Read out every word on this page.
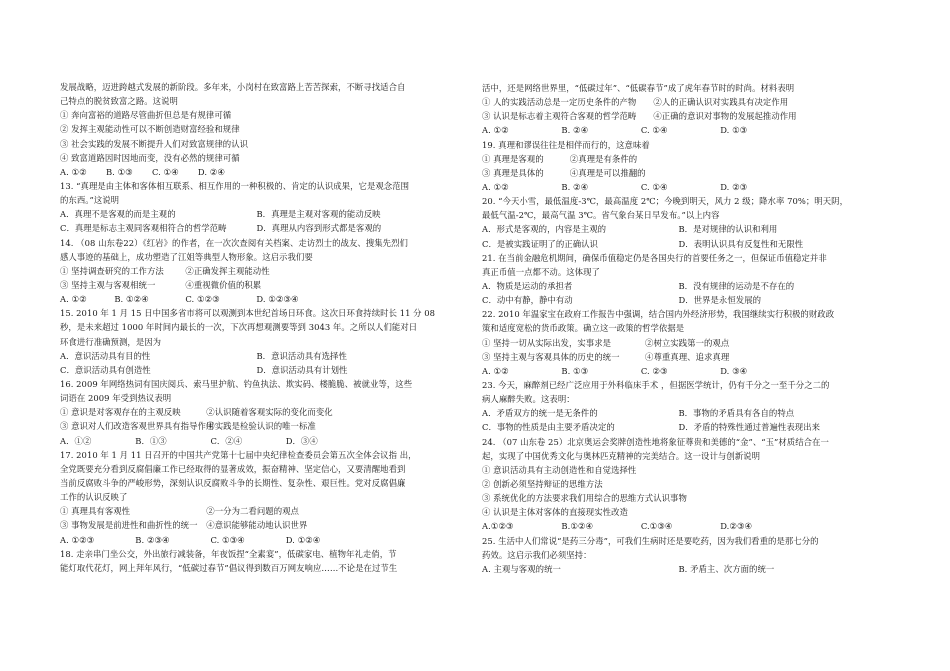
发展战略，迈进跨越式发展的新阶段。多年来，小岗村在致富路上苦苦探索，不断寻找适合自
己特点的脱贫致富之路。这说明
① 奔向富裕的道路尽管曲折但总是有规律可循
② 发挥主观能动性可以不断创造财富经验和规律
③ 社会实践的发展不断提升人们对致富规律的认识
④ 致富道路因时因地而变，没有必然的规律可循
A. ①②	B. ①③	C. ①④	D. ②④
13. “真理是由主体和客体相互联系、相互作用的一种积极的、肯定的认识成果，它是观念范围
的东西。”这说明
A．真理不是客观的而是主观的	B．真理是主观对客观的能动反映
C．真理是标志主观同客观相符合的哲学范畴	D．真理从内容到形式都是客观的
14. （08 山东卷22）《红岩》的作者，在一次次查阅有关档案、走访烈士的战友、搜集先烈们
感人事迹的基础上，成功塑造了江姐等典型人物形象。这启示我们要
① 坚持调查研究的工作方法	②正确发挥主观能动性
③ 坚持主观与客观相统一	④重视微价值的积累
A. ①②	B. ①②④	C. ①②③	D. ①②③④
15. 2010 年 1 月 15 日中国多省市将可以观测到本世纪首场日环食。这次日环食持续时长 11 分 08
秒，是未来超过 1000 年时间内最长的一次，下次再想观测要等到 3043 年。之所以人们能对日
环食进行准确预测，是因为
A．意识活动具有目的性	B．意识活动具有选择性
C．意识活动具有创造性	D．意识活动具有计划性
16. 2009 年网络热词有国庆阅兵、索马里护航、钓鱼执法、欺实码、楼脆脆、被就业等，这些
词语在 2009 年受到热议表明
① 意识是对客观存在的主观反映	②认识随着客观实际的变化而变化
③ 意识对人们改造客观世界具有指导作用
④实践是检验认识的唯一标准
A．①②	B．①③	C．②④	D．③④
17. 2010 年 1 月 11 日召开的中国共产党第十七届中央纪律检查委员会第五次全体会议指 出，
全党既要充分看到反腐倡廉工作已经取得的显著成效，振奋精神、坚定信心，又要清醒地看到
当前反腐败斗争的严峻形势，深刻认识反腐败斗争的长期性、复杂性、艰巨性。党对反腐倡廉
工作的认识反映了
① 真理具有客观性	②一分为二看问题的观点
③ 事物发展是前进性和曲折性的统一	④意识能够能动地认识世界
A. ①②③	B. ②③④	C. ①③④	D. ①②④
18. 走亲串门坐公交，外出旅行减装备，年夜饭捏“全素宴”，低碳家电、植物年礼走俏，节
能灯取代花灯，网上拜年风行，“低碳过春节”倡议得到数百万网友响应……不论是在过节生
活中，还是网络世界里，“低碳过年”、“低碳春节”成了虎年春节时的时尚。材料表明
① 人的实践活动总是一定历史条件的产物	②人的正确认识对实践具有决定作用
③ 认识是标志着主观符合客观的哲学范畴	④正确的意识对事物的发展起推动作用
A. ①②	B. ②④	C. ①④	D. ①③
19. 真理和谬误往往是相伴而行的，这意味着
① 真理是客观的	②真理是有条件的
③ 真理是具体的	④真理是可以推翻的
A. ①②	B. ②④	C. ①④	D. ②③
20. “今天小雪，最低温度-3℃，最高温度 2℃；今晚到明天，风力 2 级；降水率 70%；明天阴，
最低气温-2℃，最高气温 3℃。省气象台某日早发布。”以上内容
A．形式是客观的，内容是主观的	B．是对规律的认识和利用
C．是被实践证明了的正确认识	D．表明认识具有反复性和无限性
21. 在当前金融危机期间，确保币值稳定仍是各国央行的首要任务之一，但保证币值稳定并非
真正币值一点都不动。这体现了
A．物质是运动的承担者	B．没有规律的运动是不存在的
C．动中有静，静中有动	D．世界是永恒发展的
22. 2010 年温家宝在政府工作报告中强调，结合国内外经济形势，我国继续实行积极的财政政
策和适度宽松的货币政策。确立这一政策的哲学依据是
① 坚持一切从实际出发，实事求是	②树立实践第一的观点
③ 坚持主观与客观具体的历史的统一	④尊重真理、追求真理
A. ①②	B. ①③	C. ②③	D. ③④
23. 今天，麻醉剂已经广泛应用于外科临床手术 ，但据医学统计，仍有千分之一至千分之二的
病人麻醉失败。这表明：
A．矛盾双方的统一是无条件的	B．事物的矛盾具有各自的特点
C．事物的性质是由主要矛盾决定的	D．矛盾的特殊性通过普遍性表现出来
24. （07 山东卷 25）北京奥运会奖牌创造性地将象征尊贵和美德的“金”、“玉”材质结合在一
起，实现了中国优秀文化与奥林匹克精神的完美结合。这一设计与创新说明
① 意识活动具有主动创造性和自觉选择性
② 创新必须坚持辩证的思维方法
③ 系统优化的方法要求我们用综合的思维方式认识事物
④ 认识是主体对客体的直接现实性改造
A.①②③	B.①②④	C.①③④	D.②③④
25. 生活中人们常说“是药三分毒”，可我们生病时还是要吃药，因为我们看重的是那七分的
药效。这启示我们必须坚持：
A. 主观与客观的统一	B. 矛盾主、次方面的统一
